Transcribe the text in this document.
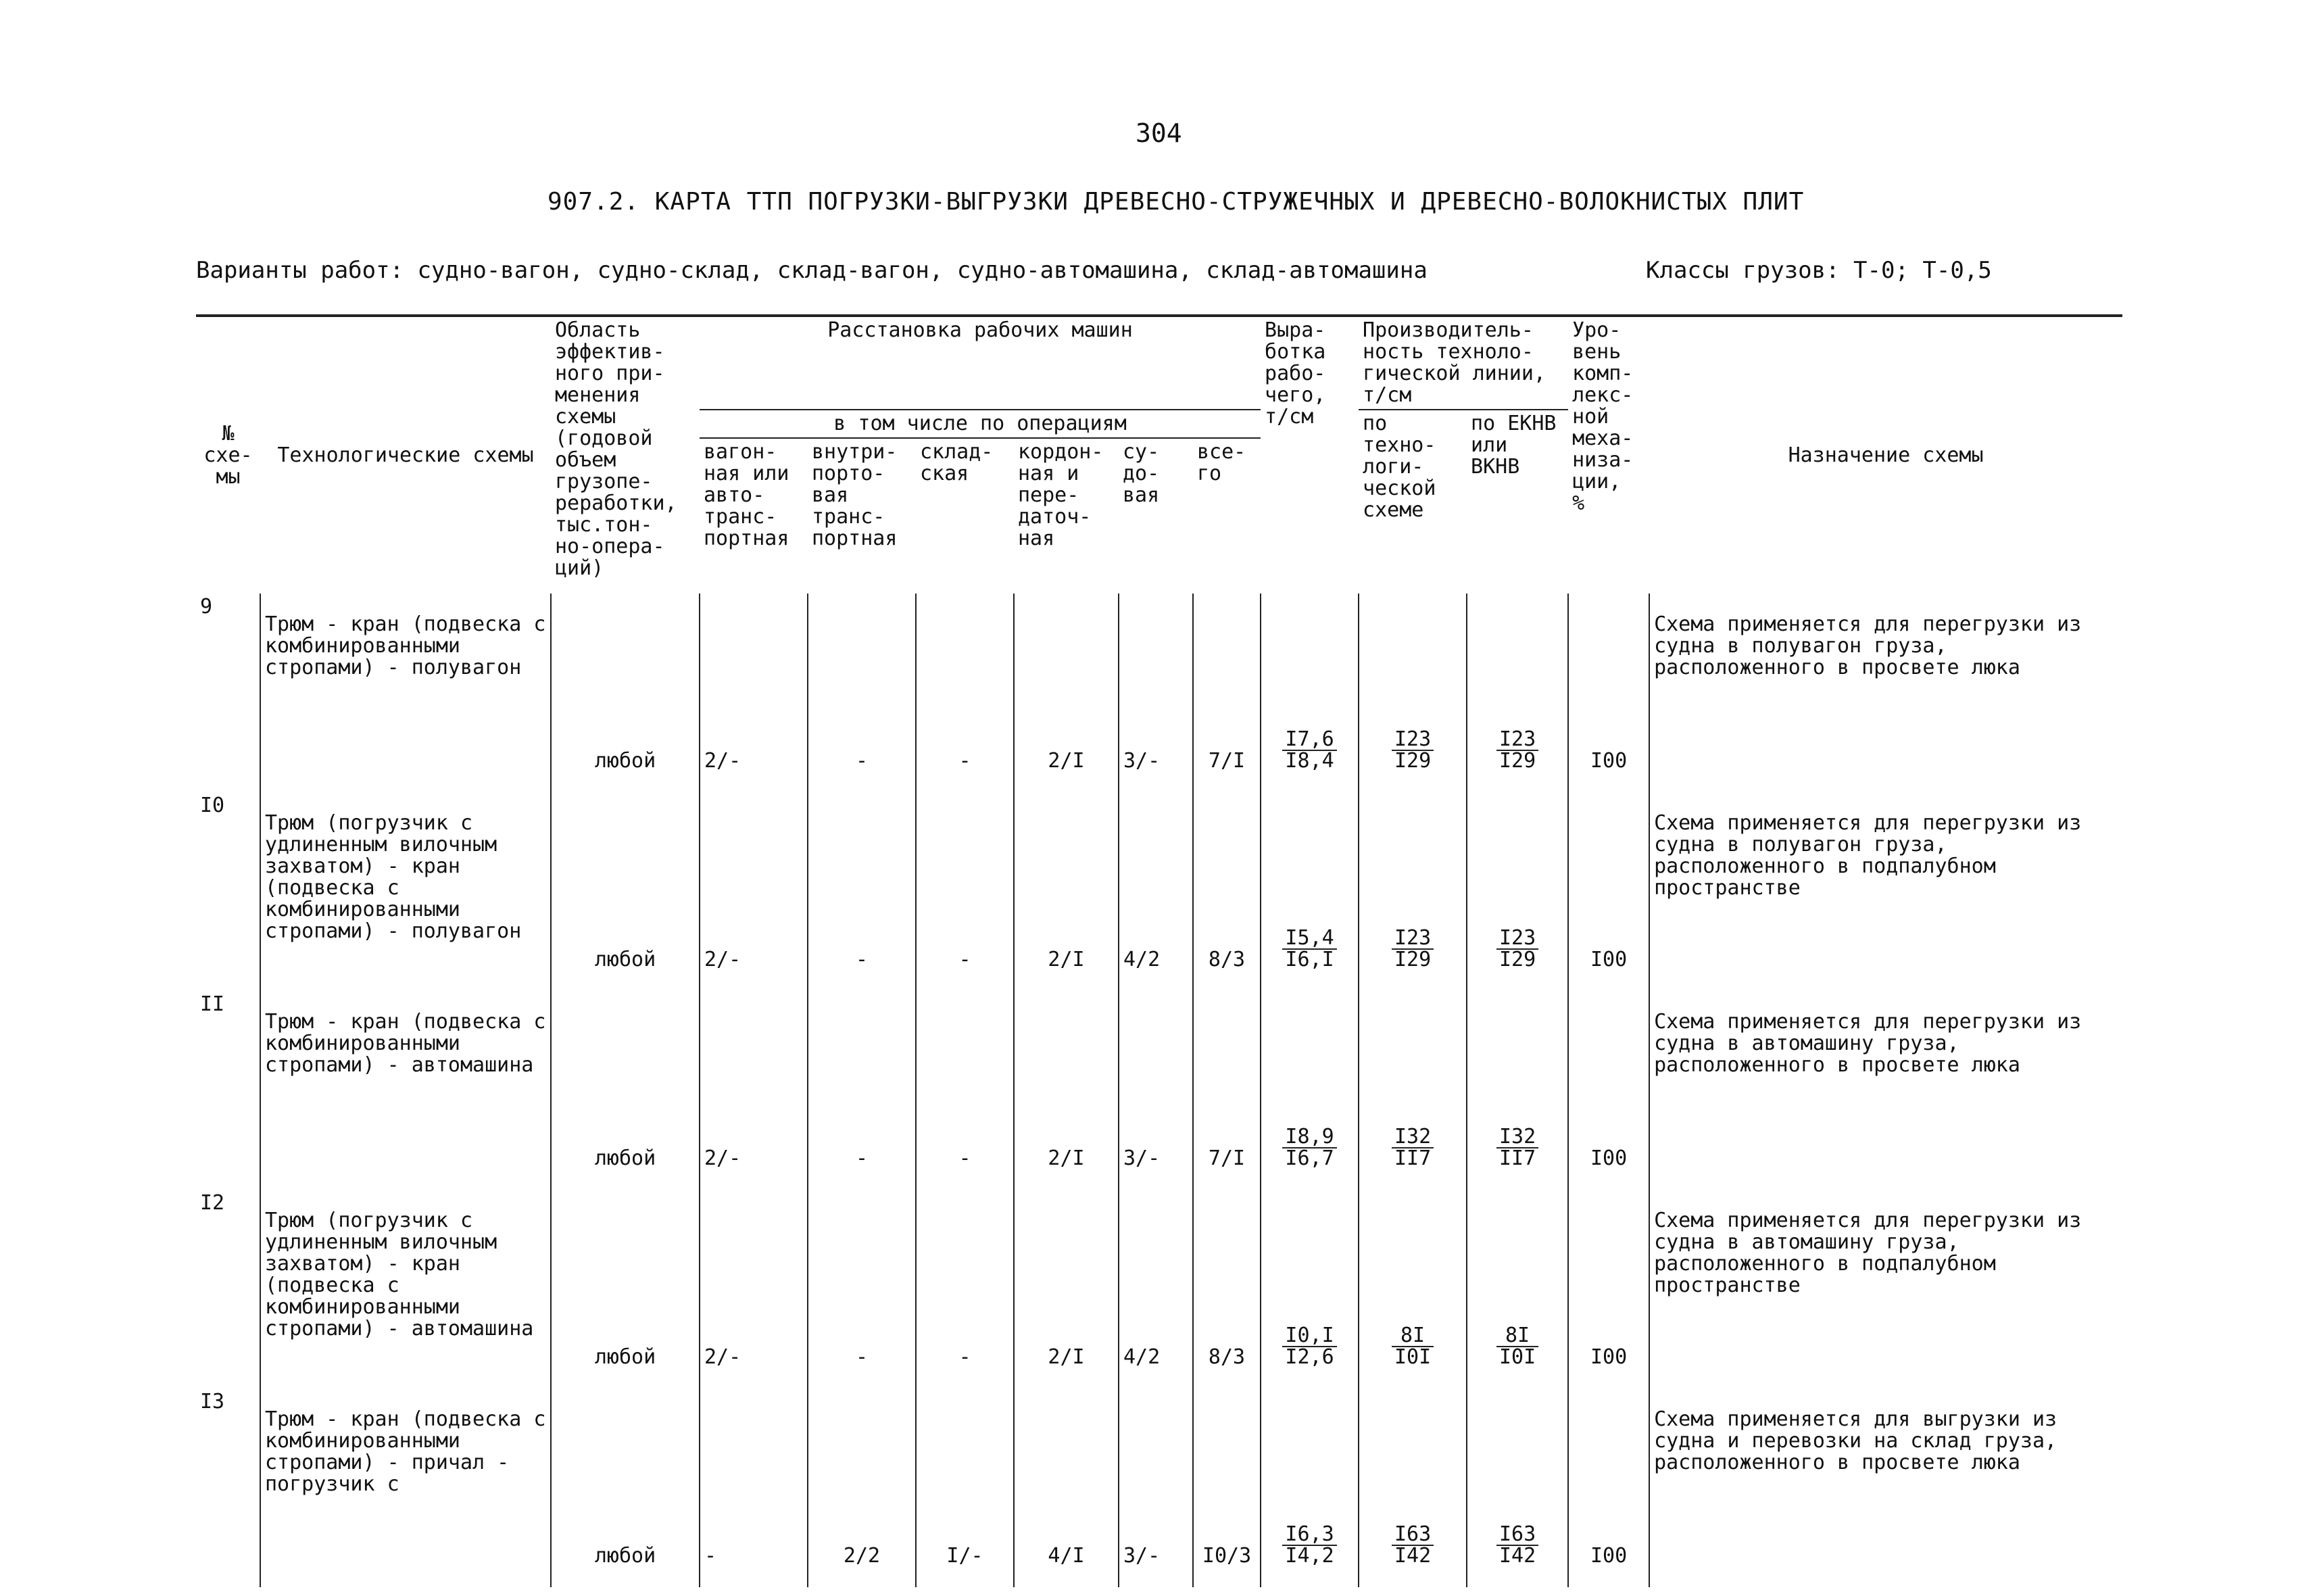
304
907.2. КАРТА ТТП ПОГРУЗКИ-ВЫГРУЗКИ ДРЕВЕСНО-СТРУЖЕЧНЫХ И ДРЕВЕСНО-ВОЛОКНИСТЫХ ПЛИТ
Варианты работ: судно-вагон, судно-склад, склад-вагон, судно-автомашина, склад-автомашина	Классы грузов: Т-0; Т-0,5
№ схе- мы	Технологические схемы	Область эффектив- ного при- менения схемы (годовой объем грузопе- реработки, тыс.тон- но-опера- ций)	Расстановка рабочих машин						Выра- ботка рабо- чего, т/см	Производитель- ность техноло- гической линии, т/см		Уро- вень комп- лекс- ной меха- низа- ции, %	Назначение схемы
			в том числе по операциям							по техно- логи- ческой схеме	по ЕКНВ или ВКНВ		
			вагон- ная или авто- транс- портная	внутри- порто- вая транс- портная	склад- ская	кордон- ная и пере- даточ- ная	су- до- вая	все- го					
9	Трюм - кран (подвеска с комбинированными стропами) - полувагон	любой	2/-	-	-	2/I	3/-	7/I	$\frac{I7,6}{I8,4}$	$\frac{I23}{I29}$	$\frac{I23}{I29}$	I00	Схема применяется для перегрузки из судна в полувагон груза, расположенного в просвете люка
I0	Трюм (погрузчик с удлиненным вилочным захватом) - кран (подвеска с комбинированными стропами) - полувагон	любой	2/-	-	-	2/I	4/2	8/3	$\frac{I5,4}{I6,I}$	$\frac{I23}{I29}$	$\frac{I23}{I29}$	I00	Схема применяется для перегрузки из судна в полувагон груза, расположенного в подпалубном пространстве
II	Трюм - кран (подвеска с комбинированными стропами) - автомашина	любой	2/-	-	-	2/I	3/-	7/I	$\frac{I8,9}{I6,7}$	$\frac{I32}{II7}$	$\frac{I32}{II7}$	I00	Схема применяется для перегрузки из судна в автомашину груза, расположенного в просвете люка
I2	Трюм (погрузчик с удлиненным вилочным захватом) - кран (подвеска с комбинированными стропами) - автомашина	любой	2/-	-	-	2/I	4/2	8/3	$\frac{I0,I}{I2,6}$	$\frac{8I}{I0I}$	$\frac{8I}{I0I}$	I00	Схема применяется для перегрузки из судна в автомашину груза, расположенного в подпалубном пространстве
I3	Трюм - кран (подвеска с комбинированными стропами) - причал - погрузчик с	любой	-	2/2	I/-	4/I	3/-	I0/3	$\frac{I6,3}{I4,2}$	$\frac{I63}{I42}$	$\frac{I63}{I42}$	I00	Схема применяется для выгрузки из судна и перевозки на склад груза, расположенного в просвете люка
